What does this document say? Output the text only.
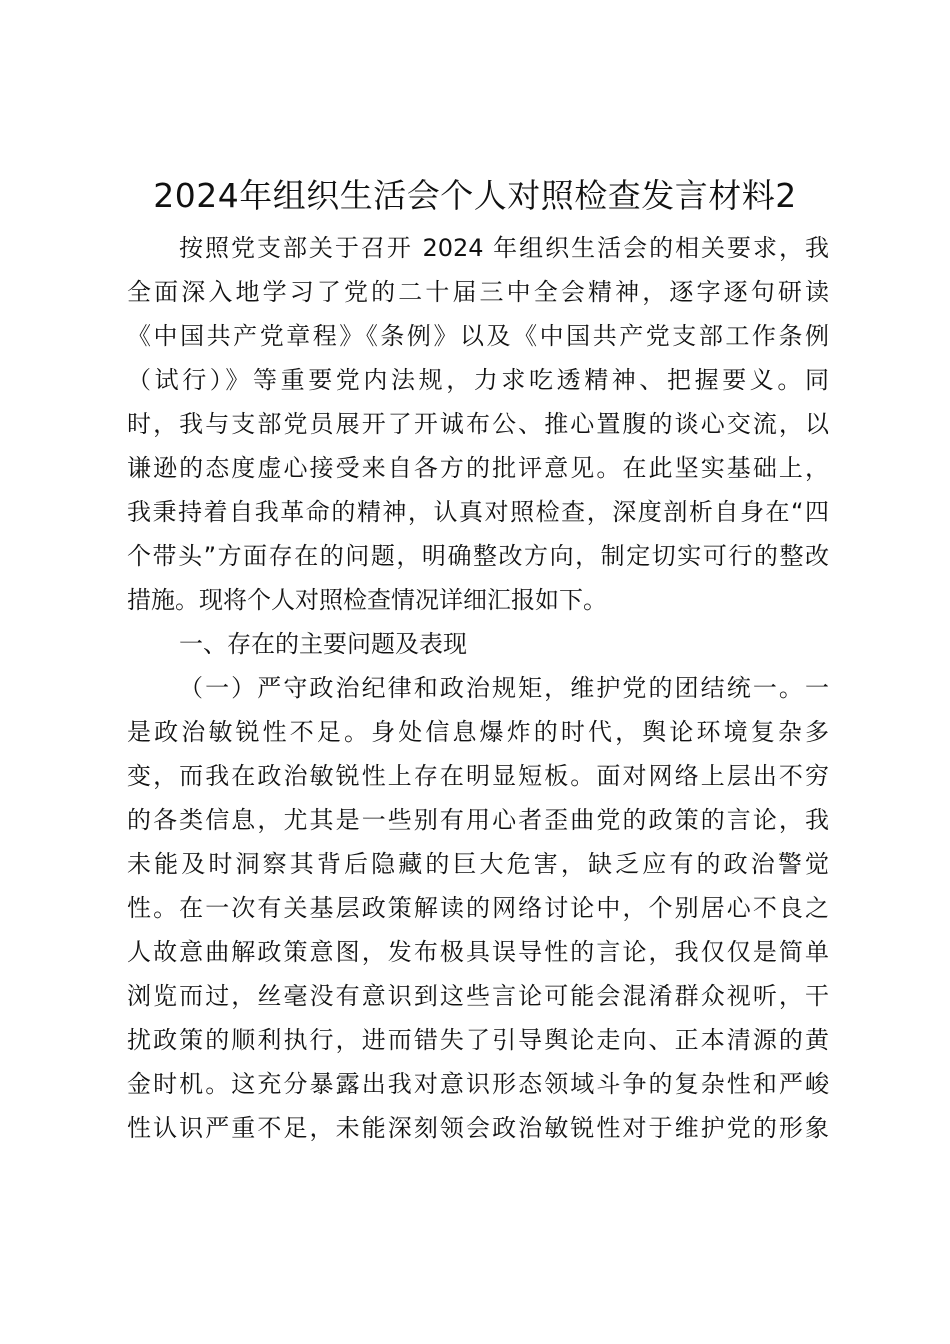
2024年组织生活会个人对照检查发言材料2
按照党支部关于召开 2024 年组织生活会的相关要求，我
全面深入地学习了党的二十届三中全会精神，逐字逐句研读
《中国共产党章程》《条例》以及《中国共产党支部工作条例
（试行）》等重要党内法规，力求吃透精神、把握要义。同
时，我与支部党员展开了开诚布公、推心置腹的谈心交流，以
谦逊的态度虚心接受来自各方的批评意见。在此坚实基础上，
我秉持着自我革命的精神，认真对照检查，深度剖析自身在“四
个带头”方面存在的问题，明确整改方向，制定切实可行的整改
措施。现将个人对照检查情况详细汇报如下。
一、存在的主要问题及表现
（一）严守政治纪律和政治规矩，维护党的团结统一。一
是政治敏锐性不足。身处信息爆炸的时代，舆论环境复杂多
变，而我在政治敏锐性上存在明显短板。面对网络上层出不穷
的各类信息，尤其是一些别有用心者歪曲党的政策的言论，我
未能及时洞察其背后隐藏的巨大危害，缺乏应有的政治警觉
性。在一次有关基层政策解读的网络讨论中，个别居心不良之
人故意曲解政策意图，发布极具误导性的言论，我仅仅是简单
浏览而过，丝毫没有意识到这些言论可能会混淆群众视听，干
扰政策的顺利执行，进而错失了引导舆论走向、正本清源的黄
金时机。这充分暴露出我对意识形态领域斗争的复杂性和严峻
性认识严重不足，未能深刻领会政治敏锐性对于维护党的形象
